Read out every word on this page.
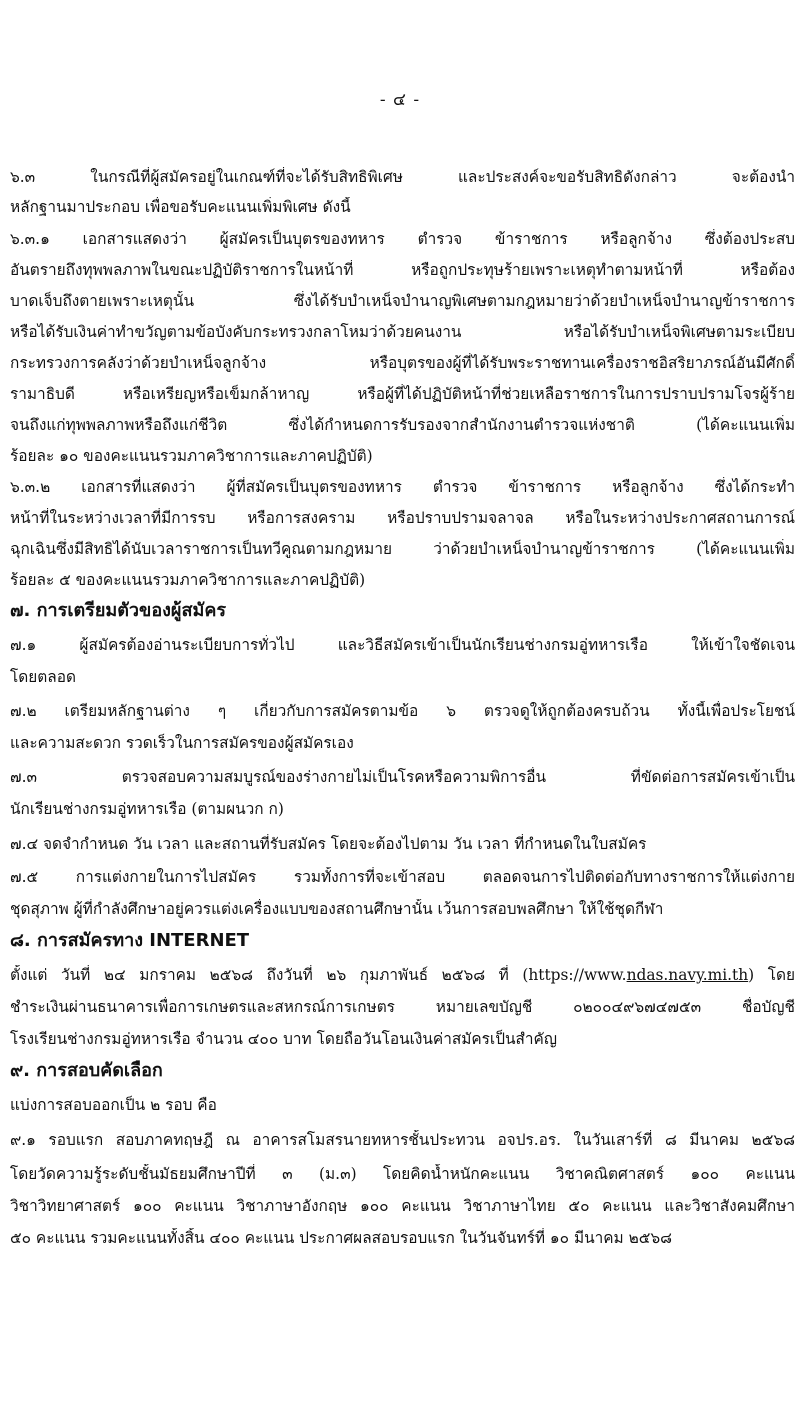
- ๔ -
๖.๓ ในกรณีที่ผู้สมัครอยู่ในเกณฑ์ที่จะได้รับสิทธิพิเศษ และประสงค์จะขอรับสิทธิดังกล่าว จะต้องนำ
หลักฐานมาประกอบ เพื่อขอรับคะแนนเพิ่มพิเศษ ดังนี้
๖.๓.๑ เอกสารแสดงว่า ผู้สมัครเป็นบุตรของทหาร ตำรวจ ข้าราชการ หรือลูกจ้าง ซึ่งต้องประสบ
อันตรายถึงทุพพลภาพในขณะปฏิบัติราชการในหน้าที่ หรือถูกประทุษร้ายเพราะเหตุทำตามหน้าที่ หรือต้อง
บาดเจ็บถึงตายเพราะเหตุนั้น ซึ่งได้รับบำเหน็จบำนาญพิเศษตามกฎหมายว่าด้วยบำเหน็จบำนาญข้าราชการ
หรือได้รับเงินค่าทำขวัญตามข้อบังคับกระทรวงกลาโหมว่าด้วยคนงาน หรือได้รับบำเหน็จพิเศษตามระเบียบ
กระทรวงการคลังว่าด้วยบำเหน็จลูกจ้าง หรือบุตรของผู้ที่ได้รับพระราชทานเครื่องราชอิสริยาภรณ์อันมีศักดิ์
รามาธิบดี หรือเหรียญหรือเข็มกล้าหาญ หรือผู้ที่ได้ปฏิบัติหน้าที่ช่วยเหลือราชการในการปราบปรามโจรผู้ร้าย
จนถึงแก่ทุพพลภาพหรือถึงแก่ชีวิต ซึ่งได้กำหนดการรับรองจากสำนักงานตำรวจแห่งชาติ (ได้คะแนนเพิ่ม
ร้อยละ ๑๐ ของคะแนนรวมภาควิชาการและภาคปฏิบัติ)
๖.๓.๒ เอกสารที่แสดงว่า ผู้ที่สมัครเป็นบุตรของทหาร ตำรวจ ข้าราชการ หรือลูกจ้าง ซึ่งได้กระทำ
หน้าที่ในระหว่างเวลาที่มีการรบ หรือการสงคราม หรือปราบปรามจลาจล หรือในระหว่างประกาศสถานการณ์
ฉุกเฉินซึ่งมีสิทธิได้นับเวลาราชการเป็นทวีคูณตามกฎหมาย ว่าด้วยบำเหน็จบำนาญข้าราชการ (ได้คะแนนเพิ่ม
ร้อยละ ๕ ของคะแนนรวมภาควิชาการและภาคปฏิบัติ)
๗. การเตรียมตัวของผู้สมัคร
๗.๑ ผู้สมัครต้องอ่านระเบียบการทั่วไป และวิธีสมัครเข้าเป็นนักเรียนช่างกรมอู่ทหารเรือ ให้เข้าใจชัดเจน
โดยตลอด
๗.๒ เตรียมหลักฐานต่าง ๆ เกี่ยวกับการสมัครตามข้อ ๖ ตรวจดูให้ถูกต้องครบถ้วน ทั้งนี้เพื่อประโยชน์
และความสะดวก รวดเร็วในการสมัครของผู้สมัครเอง
๗.๓ ตรวจสอบความสมบูรณ์ของร่างกายไม่เป็นโรคหรือความพิการอื่น ที่ขัดต่อการสมัครเข้าเป็น
นักเรียนช่างกรมอู่ทหารเรือ (ตามผนวก ก)
๗.๔ จดจำกำหนด วัน เวลา และสถานที่รับสมัคร โดยจะต้องไปตาม วัน เวลา ที่กำหนดในใบสมัคร
๗.๕ การแต่งกายในการไปสมัคร รวมทั้งการที่จะเข้าสอบ ตลอดจนการไปติดต่อกับทางราชการให้แต่งกาย
ชุดสุภาพ ผู้ที่กำลังศึกษาอยู่ควรแต่งเครื่องแบบของสถานศึกษานั้น เว้นการสอบพลศึกษา ให้ใช้ชุดกีฬา
๘. การสมัครทาง INTERNET
ตั้งแต่ วันที่ ๒๔ มกราคม ๒๕๖๘ ถึงวันที่ ๒๖ กุมภาพันธ์ ๒๕๖๘ ที่ (https://www.ndas.navy.mi.th) โดย
ชำระเงินผ่านธนาคารเพื่อการเกษตรและสหกรณ์การเกษตร หมายเลขบัญชี ๐๒๐๐๔๙๖๗๔๗๕๓ ชื่อบัญชี
โรงเรียนช่างกรมอู่ทหารเรือ จำนวน ๔๐๐ บาท โดยถือวันโอนเงินค่าสมัครเป็นสำคัญ
๙. การสอบคัดเลือก
แบ่งการสอบออกเป็น ๒ รอบ คือ
๙.๑ รอบแรก สอบภาคทฤษฎี ณ อาคารสโมสรนายทหารชั้นประทวน อจปร.อร. ในวันเสาร์ที่ ๘ มีนาคม ๒๕๖๘
โดยวัดความรู้ระดับชั้นมัธยมศึกษาปีที่ ๓ (ม.๓) โดยคิดน้ำหนักคะแนน วิชาคณิตศาสตร์ ๑๐๐ คะแนน
วิชาวิทยาศาสตร์ ๑๐๐ คะแนน วิชาภาษาอังกฤษ ๑๐๐ คะแนน วิชาภาษาไทย ๕๐ คะแนน และวิชาสังคมศึกษา
๕๐ คะแนน รวมคะแนนทั้งสิ้น ๔๐๐ คะแนน ประกาศผลสอบรอบแรก ในวันจันทร์ที่ ๑๐ มีนาคม ๒๕๖๘
